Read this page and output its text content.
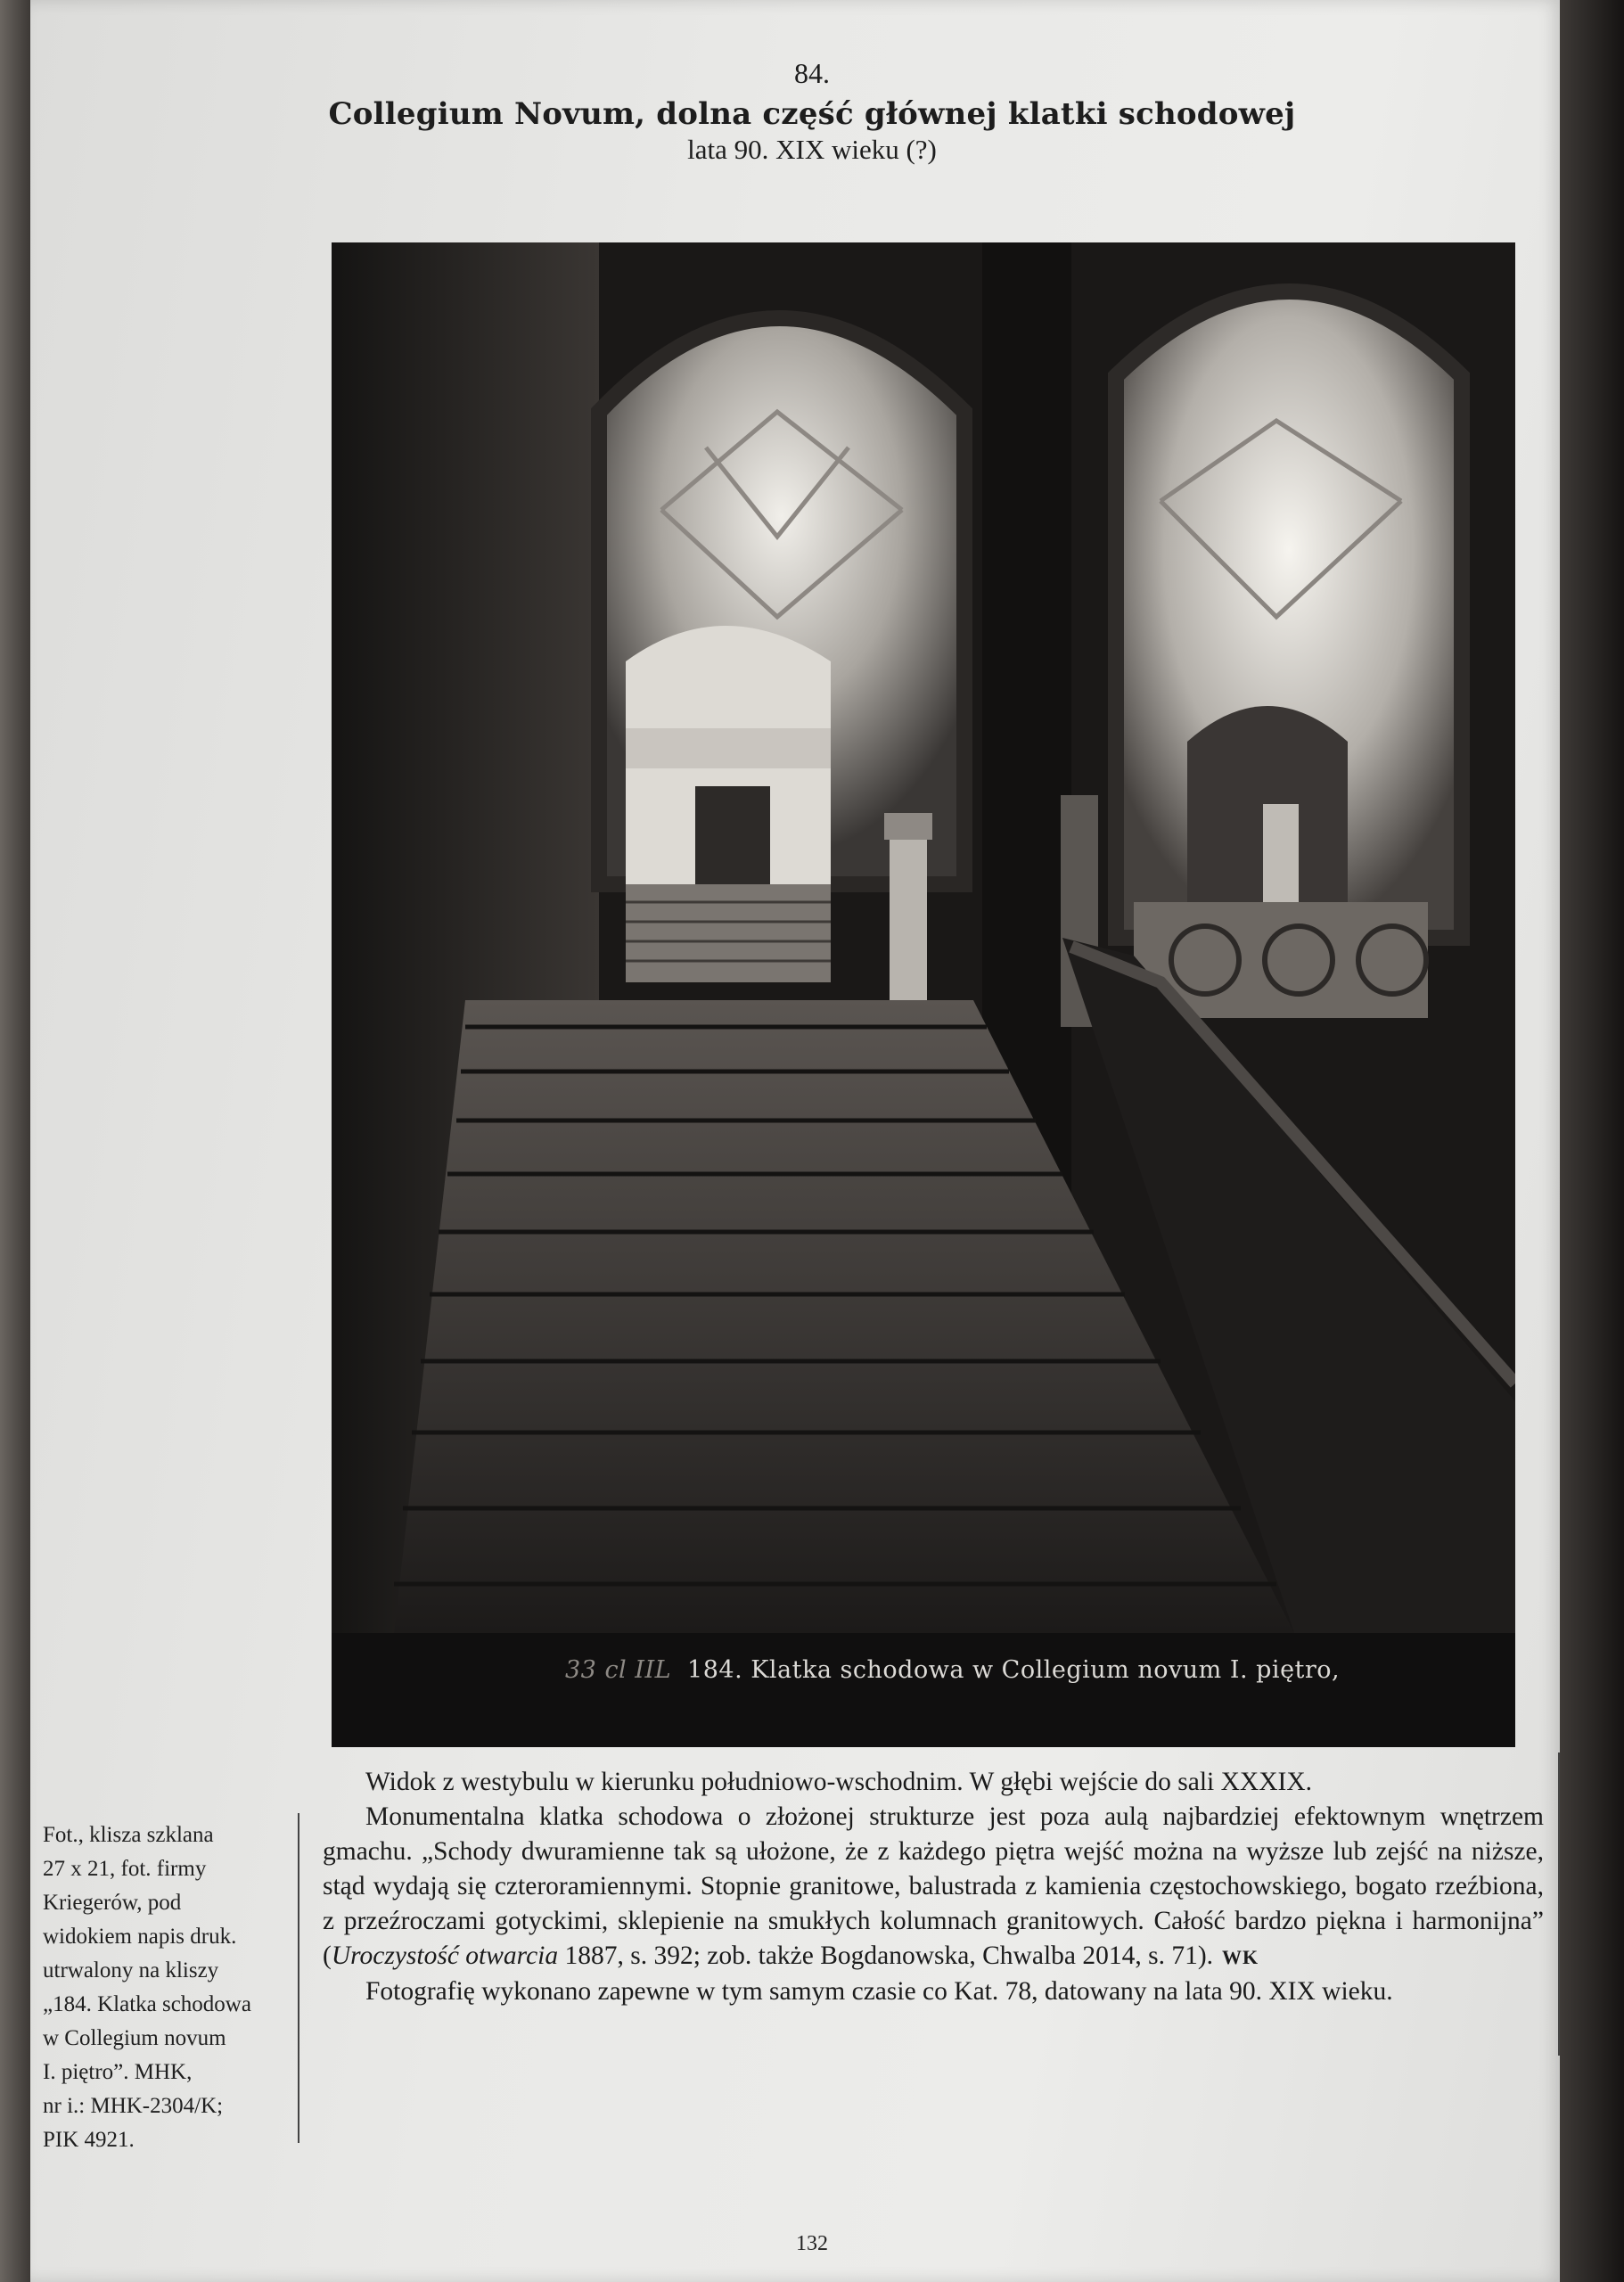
84.
Collegium Novum, dolna część głównej klatki schodowej
lata 90. XIX wieku (?)
33 cl IIL 184. Klatka schodowa w Collegium novum I. piętro,
Fot., klisza szklana
27 x 21, fot. firmy
Kriegerów, pod
widokiem napis druk.
utrwalony na kliszy
„184. Klatka schodowa
w Collegium novum
I. piętro”. MHK,
nr i.: MHK-2304/K;
PIK 4921.

Widok z westybulu w kierunku południowo-wschodnim. W głębi wejście do sali XXXIX.

Monumentalna klatka schodowa o złożonej strukturze jest poza aulą najbardziej efektownym wnętrzem gmachu. „Schody dwuramienne tak są ułożone, że z każdego piętra wejść można na wyższe lub zejść na niższe, stąd wydają się czteroramiennymi. Stopnie granitowe, balustrada z kamienia częstochowskiego, bogato rzeźbiona, z przeźroczami gotyckimi, sklepienie na smukłych kolumnach granitowych. Całość bardzo piękna i harmonijna” (Uroczystość otwarcia 1887, s. 392; zob. także Bogdanowska, Chwalba 2014, s. 71). WK

Fotografię wykonano zapewne w tym samym czasie co Kat. 78, datowany na lata 90. XIX wieku.

132
